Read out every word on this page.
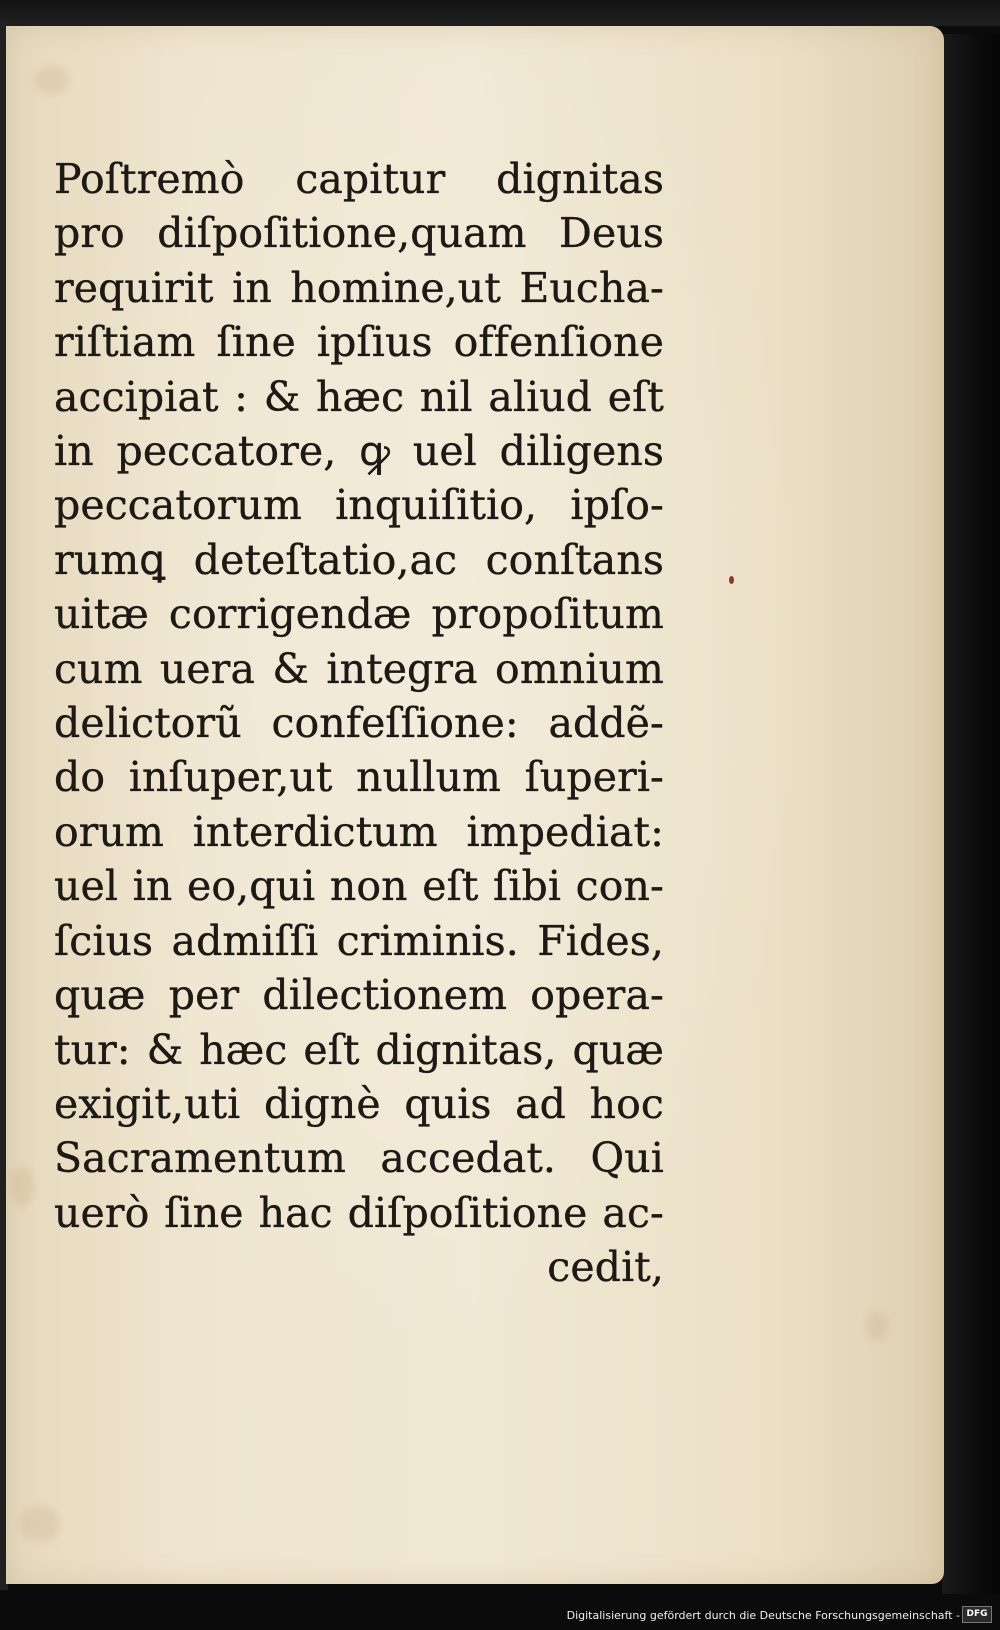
Poſtremò capitur dignitas
pro diſpoſitione,quam Deus
requirit in homine,ut Eucha-
riſtiam ſine ipſius offenſione
accipiat : & hæc nil aliud eſt
in peccatore, ꝙ uel diligens
peccatorum inquiſitio, ipſo-
rumꝗ deteſtatio,ac conſtans
uitæ corrigendæ propoſitum
cum uera & integra omnium
delictorũ confeſſione: addẽ-
do inſuper,ut nullum ſuperi-
orum interdictum impediat:
uel in eo,qui non eſt ſibi con-
ſcius admiſſi criminis. Fides,
quæ per dilectionem opera-
tur: & hæc eſt dignitas, quæ
exigit,uti dignè quis ad hoc
Sacramentum accedat. Qui
uerò ſine hac diſpoſitione ac-
cedit,
Digitalisierung gefördert durch die Deutsche Forschungsgemeinschaft - DFG
